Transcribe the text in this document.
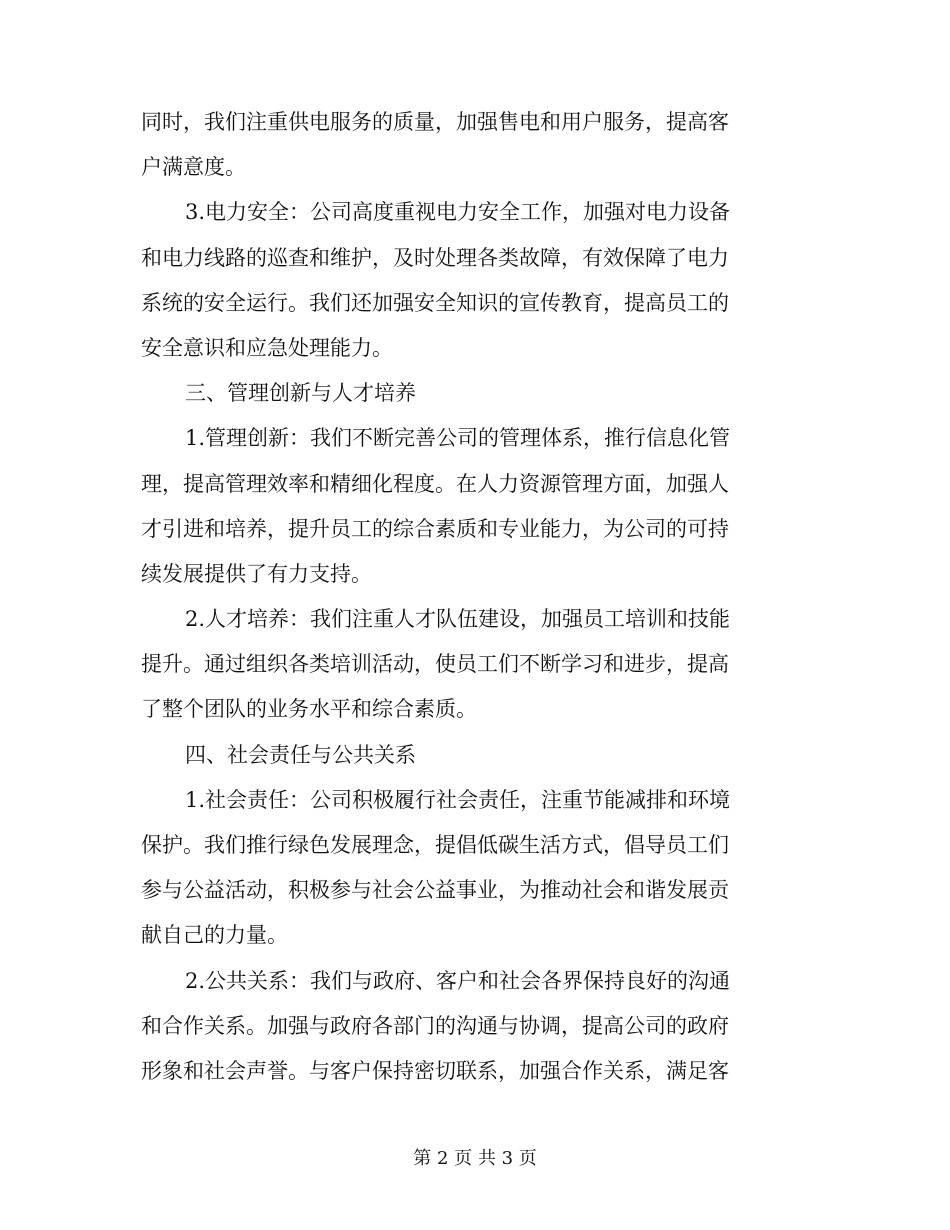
同时，我们注重供电服务的质量，加强售电和用户服务，提高客
户满意度。
3.电力安全：公司高度重视电力安全工作，加强对电力设备
和电力线路的巡查和维护，及时处理各类故障，有效保障了电力
系统的安全运行。我们还加强安全知识的宣传教育，提高员工的
安全意识和应急处理能力。
三、管理创新与人才培养
1.管理创新：我们不断完善公司的管理体系，推行信息化管
理，提高管理效率和精细化程度。在人力资源管理方面，加强人
才引进和培养，提升员工的综合素质和专业能力，为公司的可持
续发展提供了有力支持。
2.人才培养：我们注重人才队伍建设，加强员工培训和技能
提升。通过组织各类培训活动，使员工们不断学习和进步，提高
了整个团队的业务水平和综合素质。
四、社会责任与公共关系
1.社会责任：公司积极履行社会责任，注重节能减排和环境
保护。我们推行绿色发展理念，提倡低碳生活方式，倡导员工们
参与公益活动，积极参与社会公益事业，为推动社会和谐发展贡
献自己的力量。
2.公共关系：我们与政府、客户和社会各界保持良好的沟通
和合作关系。加强与政府各部门的沟通与协调，提高公司的政府
形象和社会声誉。与客户保持密切联系，加强合作关系，满足客
第 2 页 共 3 页
